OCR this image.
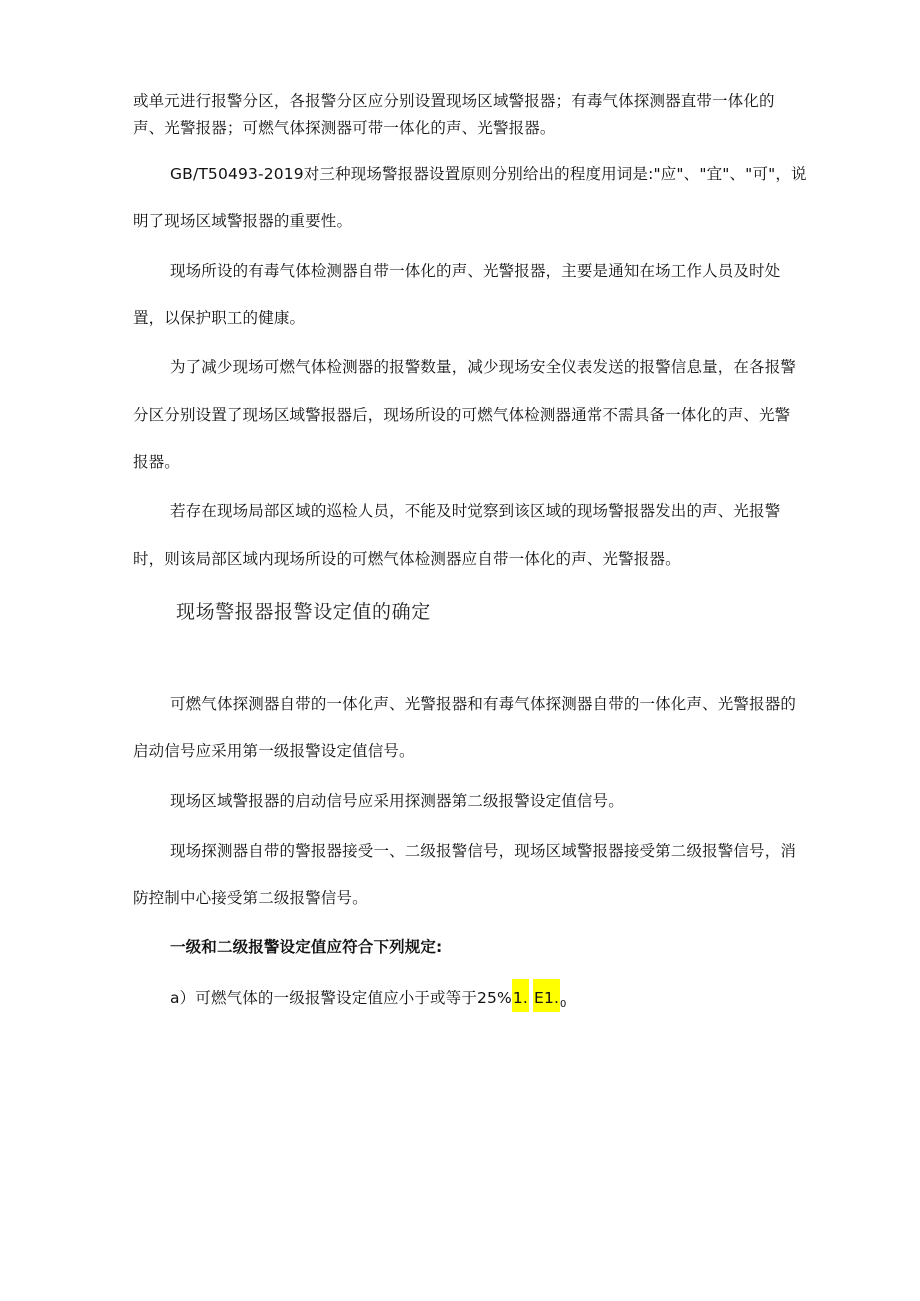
或单元进行报警分区，各报警分区应分别设置现场区域警报器；有毒气体探测器直带一体化的
声、光警报器；可燃气体探测器可带一体化的声、光警报器。
GB/T50493-2019对三种现场警报器设置原则分别给出的程度用词是:"应"、"宜"、"可"，说
明了现场区域警报器的重要性。
现场所设的有毒气体检测器自带一体化的声、光警报器，主要是通知在场工作人员及时处
置，以保护职工的健康。
为了减少现场可燃气体检测器的报警数量，减少现场安全仪表发送的报警信息量，在各报警
分区分别设置了现场区域警报器后，现场所设的可燃气体检测器通常不需具备一体化的声、光警
报器。
若存在现场局部区域的巡检人员，不能及时觉察到该区域的现场警报器发出的声、光报警
时，则该局部区域内现场所设的可燃气体检测器应自带一体化的声、光警报器。
现场警报器报警设定值的确定
可燃气体探测器自带的一体化声、光警报器和有毒气体探测器自带的一体化声、光警报器的
启动信号应采用第一级报警设定值信号。
现场区域警报器的启动信号应采用探测器第二级报警设定值信号。
现场探测器自带的警报器接受一、二级报警信号，现场区域警报器接受第二级报警信号，消
防控制中心接受第二级报警信号。
一级和二级报警设定值应符合下列规定:
a）可燃气体的一级报警设定值应小于或等于25%1. $E1._0$
